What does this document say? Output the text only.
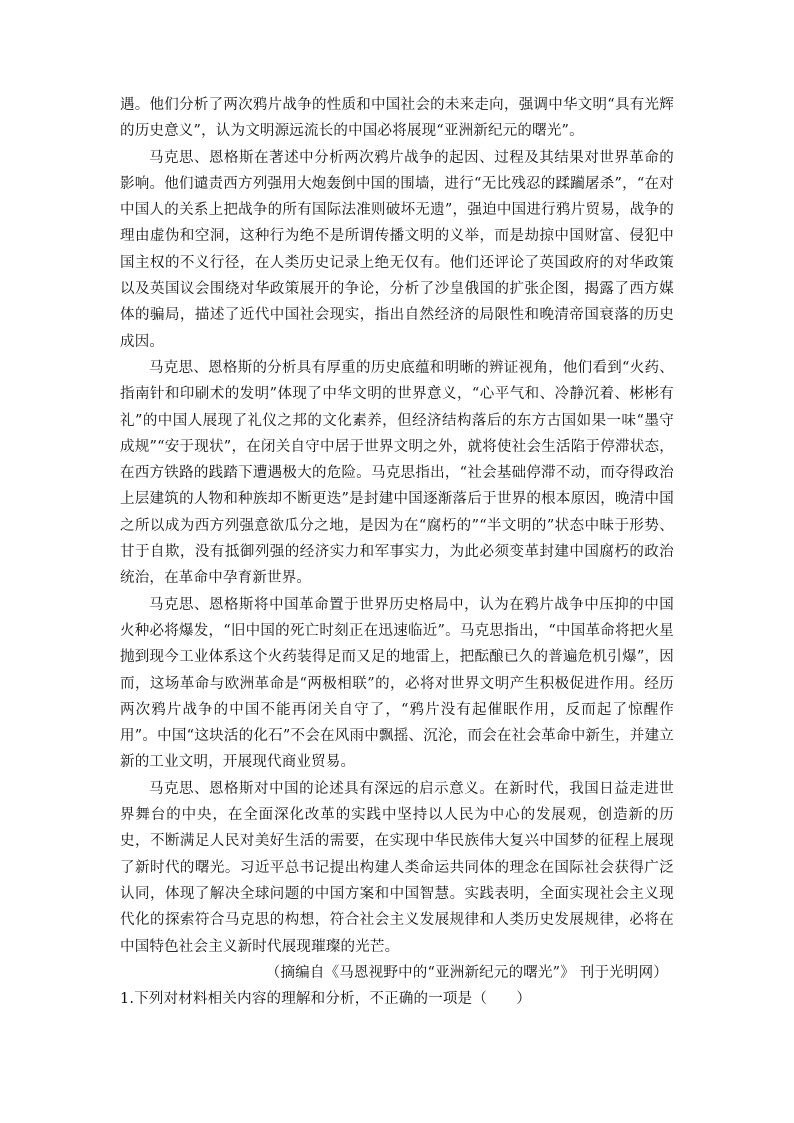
遇。他们分析了两次鸦片战争的性质和中国社会的未来走向，强调中华文明“具有光辉的历史意义”，认为文明源远流长的中国必将展现“亚洲新纪元的曙光”。

马克思、恩格斯在著述中分析两次鸦片战争的起因、过程及其结果对世界革命的影响。他们谴责西方列强用大炮轰倒中国的围墙，进行“无比残忍的蹂躏屠杀”，“在对中国人的关系上把战争的所有国际法准则破坏无遗”，强迫中国进行鸦片贸易，战争的理由虚伪和空洞，这种行为绝不是所谓传播文明的义举，而是劫掠中国财富、侵犯中国主权的不义行径，在人类历史记录上绝无仅有。他们还评论了英国政府的对华政策以及英国议会围绕对华政策展开的争论，分析了沙皇俄国的扩张企图，揭露了西方媒体的骗局，描述了近代中国社会现实，指出自然经济的局限性和晚清帝国衰落的历史成因。

马克思、恩格斯的分析具有厚重的历史底蕴和明晰的辨证视角，他们看到“火药、指南针和印刷术的发明”体现了中华文明的世界意义，“心平气和、冷静沉着、彬彬有礼”的中国人展现了礼仪之邦的文化素养，但经济结构落后的东方古国如果一味“墨守成规”“安于现状”，在闭关自守中居于世界文明之外，就将使社会生活陷于停滞状态，在西方铁路的践踏下遭遇极大的危险。马克思指出，“社会基础停滞不动，而夺得政治上层建筑的人物和种族却不断更迭”是封建中国逐渐落后于世界的根本原因，晚清中国之所以成为西方列强意欲瓜分之地，是因为在“腐朽的”“半文明的”状态中昧于形势、甘于自欺，没有抵御列强的经济实力和军事实力，为此必须变革封建中国腐朽的政治统治，在革命中孕育新世界。

马克思、恩格斯将中国革命置于世界历史格局中，认为在鸦片战争中压抑的中国火种必将爆发，“旧中国的死亡时刻正在迅速临近”。马克思指出，“中国革命将把火星抛到现今工业体系这个火药装得足而又足的地雷上，把酝酿已久的普遍危机引爆”，因而，这场革命与欧洲革命是“两极相联”的，必将对世界文明产生积极促进作用。经历两次鸦片战争的中国不能再闭关自守了，“鸦片没有起催眠作用，反而起了惊醒作用”。中国“这块活的化石”不会在风雨中飘摇、沉沦，而会在社会革命中新生，并建立新的工业文明，开展现代商业贸易。

马克思、恩格斯对中国的论述具有深远的启示意义。在新时代，我国日益走进世界舞台的中央，在全面深化改革的实践中坚持以人民为中心的发展观，创造新的历史，不断满足人民对美好生活的需要，在实现中华民族伟大复兴中国梦的征程上展现了新时代的曙光。习近平总书记提出构建人类命运共同体的理念在国际社会获得广泛认同，体现了解决全球问题的中国方案和中国智慧。实践表明，全面实现社会主义现代化的探索符合马克思的构想，符合社会主义发展规律和人类历史发展规律，必将在中国特色社会主义新时代展现璀璨的光芒。

（摘编自《马恩视野中的“亚洲新纪元的曙光”》 刊于光明网）

1.下列对材料相关内容的理解和分析，不正确的一项是（　　）
